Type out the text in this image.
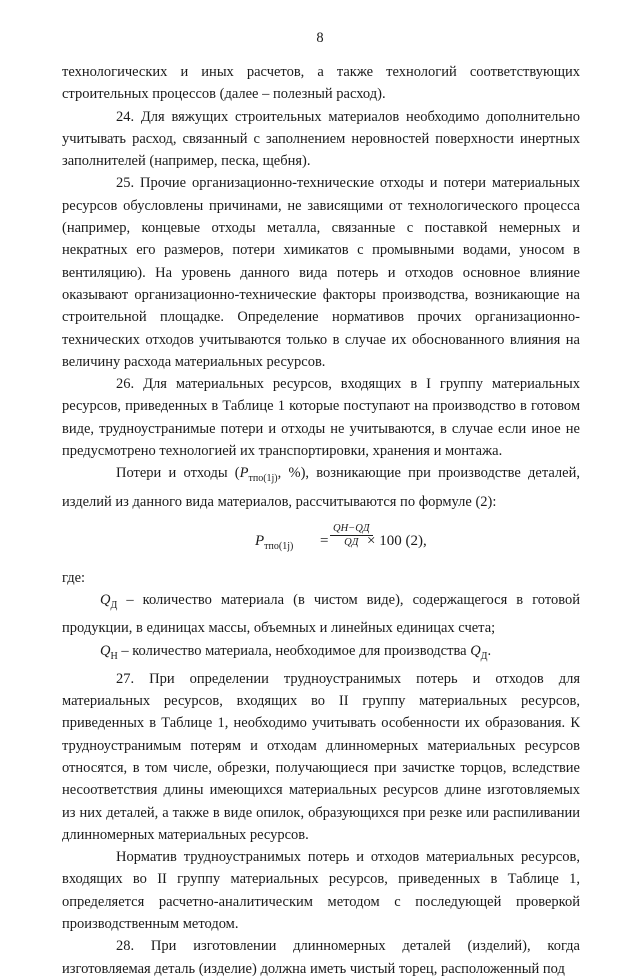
8

технологических и иных расчетов, а также технологий соответствующих строительных процессов (далее – полезный расход).

24. Для вяжущих строительных материалов необходимо дополнительно учитывать расход, связанный с заполнением неровностей поверхности инертных заполнителей (например, песка, щебня).

25. Прочие организационно-технические отходы и потери материальных ресурсов обусловлены причинами, не зависящими от технологического процесса (например, концевые отходы металла, связанные с поставкой немерных и некратных его размеров, потери химикатов с промывными водами, уносом в вентиляцию). На уровень данного вида потерь и отходов основное влияние оказывают организационно-технические факторы производства, возникающие на строительной площадке. Определение нормативов прочих организационно-технических отходов учитываются только в случае их обоснованного влияния на величину расхода материальных ресурсов.

26. Для материальных ресурсов, входящих в I группу материальных ресурсов, приведенных в Таблице 1 которые поступают на производство в готовом виде, трудноустранимые потери и отходы не учитываются, в случае если иное не предусмотрено технологией их транспортировки, хранения и монтажа.

Потери и отходы ($P_{тпо(1j)}$, %), возникающие при производстве деталей, изделий из данного вида материалов, рассчитываются по формуле (2):

$P_{тпо(1j)}$ =
QН−QД
QД × 100 (2),

где:

$Q_Д$ – количество материала (в чистом виде), содержащегося в готовой продукции, в единицах массы, объемных и линейных единицах счета;

$Q_Н$ – количество материала, необходимое для производства $Q_Д$.

27. При определении трудноустранимых потерь и отходов для материальных ресурсов, входящих во II группу материальных ресурсов, приведенных в Таблице 1, необходимо учитывать особенности их образования. К трудноустранимым потерям и отходам длинномерных материальных ресурсов относятся, в том числе, обрезки, получающиеся при зачистке торцов, вследствие несоответствия длины имеющихся материальных ресурсов длине изготовляемых из них деталей, а также в виде опилок, образующихся при резке или распиливании длинномерных материальных ресурсов.

Норматив трудноустранимых потерь и отходов материальных ресурсов, входящих во II группу материальных ресурсов, приведенных в Таблице 1, определяется расчетно-аналитическим методом с последующей проверкой производственным методом.

28. При изготовлении длинномерных деталей (изделий), когда изготовляемая деталь (изделие) должна иметь чистый торец, расположенный под
